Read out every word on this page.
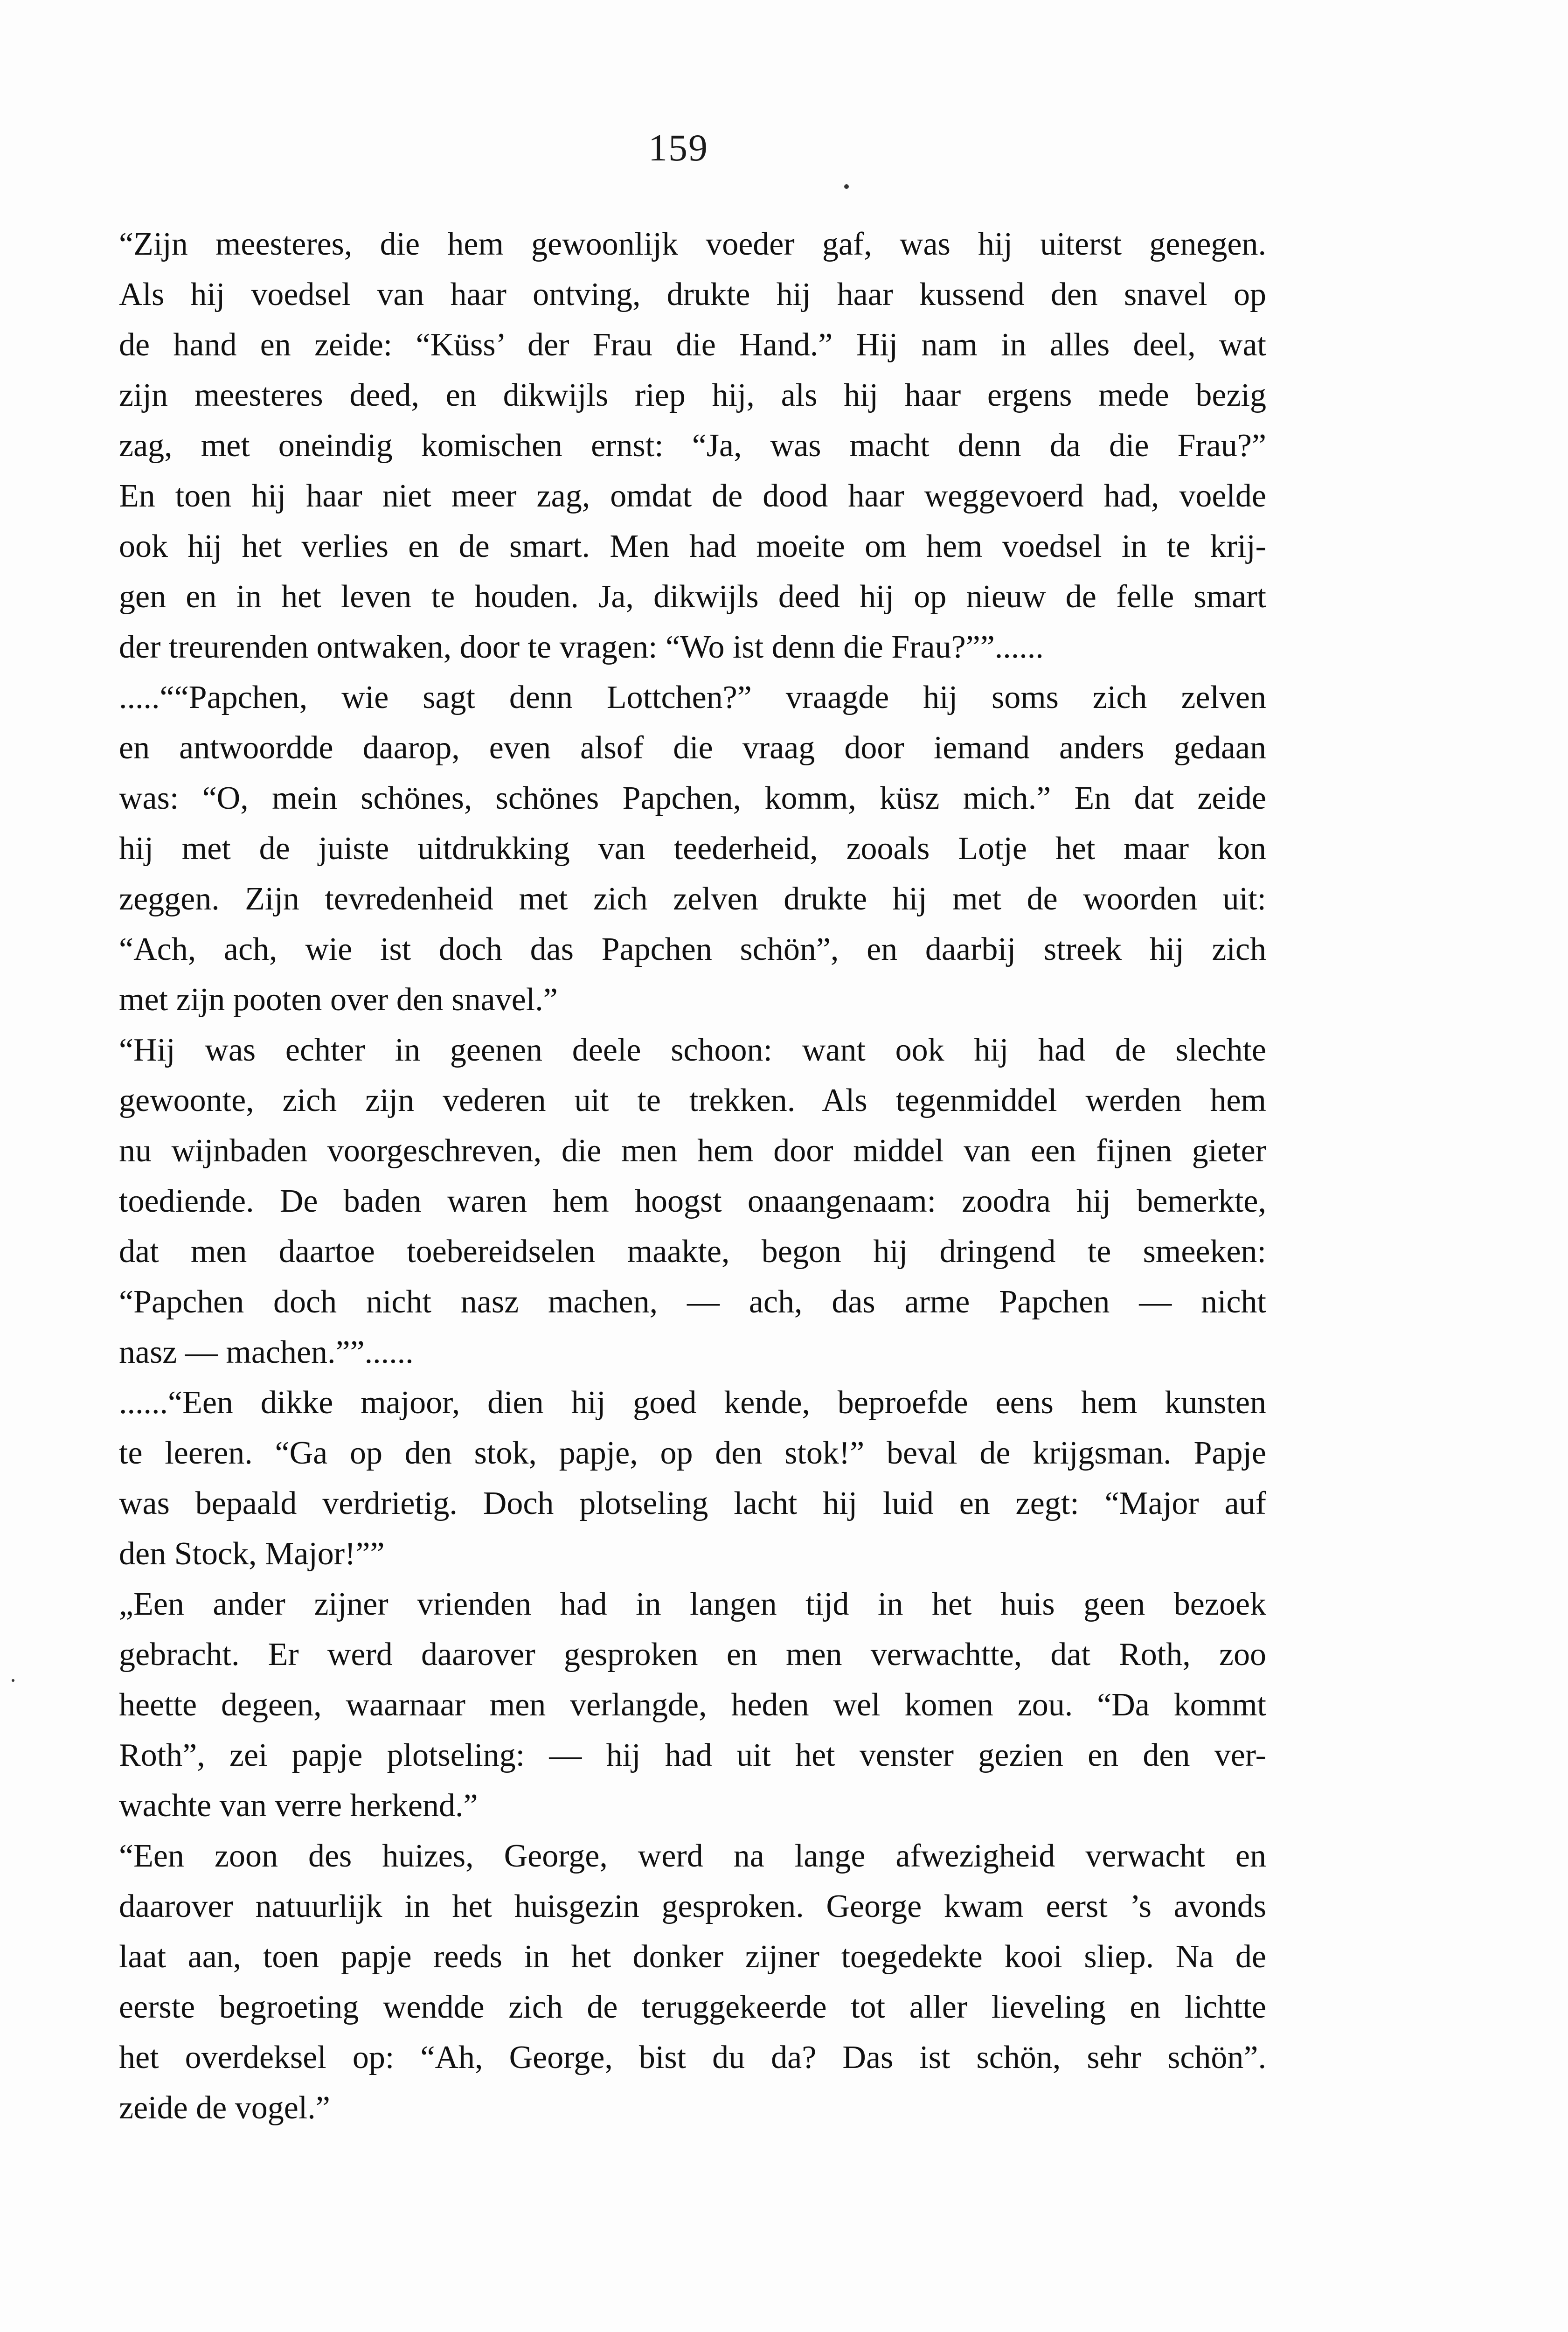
159
“Zijn meesteres, die hem gewoonlijk voeder gaf, was hij uiterst genegen.
Als hij voedsel van haar ontving, drukte hij haar kussend den snavel op
de hand en zeide: “Küss’ der Frau die Hand.” Hij nam in alles deel, wat
zijn meesteres deed, en dikwijls riep hij, als hij haar ergens mede bezig
zag, met oneindig komischen ernst: “Ja, was macht denn da die Frau?”
En toen hij haar niet meer zag, omdat de dood haar weggevoerd had, voelde
ook hij het verlies en de smart. Men had moeite om hem voedsel in te krij-
gen en in het leven te houden. Ja, dikwijls deed hij op nieuw de felle smart
der treurenden ontwaken, door te vragen: “Wo ist denn die Frau?””......
.....““Papchen, wie sagt denn Lottchen?” vraagde hij soms zich zelven
en antwoordde daarop, even alsof die vraag door iemand anders gedaan
was: “O, mein schönes, schönes Papchen, komm, küsz mich.” En dat zeide
hij met de juiste uitdrukking van teederheid, zooals Lotje het maar kon
zeggen. Zijn tevredenheid met zich zelven drukte hij met de woorden uit:
“Ach, ach, wie ist doch das Papchen schön”, en daarbij streek hij zich
met zijn pooten over den snavel.”
“Hij was echter in geenen deele schoon: want ook hij had de slechte
gewoonte, zich zijn vederen uit te trekken. Als tegenmiddel werden hem
nu wijnbaden voorgeschreven, die men hem door middel van een fijnen gieter
toediende. De baden waren hem hoogst onaangenaam: zoodra hij bemerkte,
dat men daartoe toebereidselen maakte, begon hij dringend te smeeken:
“Papchen doch nicht nasz machen, — ach, das arme Papchen — nicht
nasz — machen.””......
......“Een dikke majoor, dien hij goed kende, beproefde eens hem kunsten
te leeren. “Ga op den stok, papje, op den stok!” beval de krijgsman. Papje
was bepaald verdrietig. Doch plotseling lacht hij luid en zegt: “Major auf
den Stock, Major!””
„Een ander zijner vrienden had in langen tijd in het huis geen bezoek
gebracht. Er werd daarover gesproken en men verwachtte, dat Roth, zoo
heette degeen, waarnaar men verlangde, heden wel komen zou. “Da kommt
Roth”, zei papje plotseling: — hij had uit het venster gezien en den ver-
wachte van verre herkend.”
“Een zoon des huizes, George, werd na lange afwezigheid verwacht en
daarover natuurlijk in het huisgezin gesproken. George kwam eerst ’s avonds
laat aan, toen papje reeds in het donker zijner toegedekte kooi sliep. Na de
eerste begroeting wendde zich de teruggekeerde tot aller lieveling en lichtte
het overdeksel op: “Ah, George, bist du da? Das ist schön, sehr schön”.
zeide de vogel.”
